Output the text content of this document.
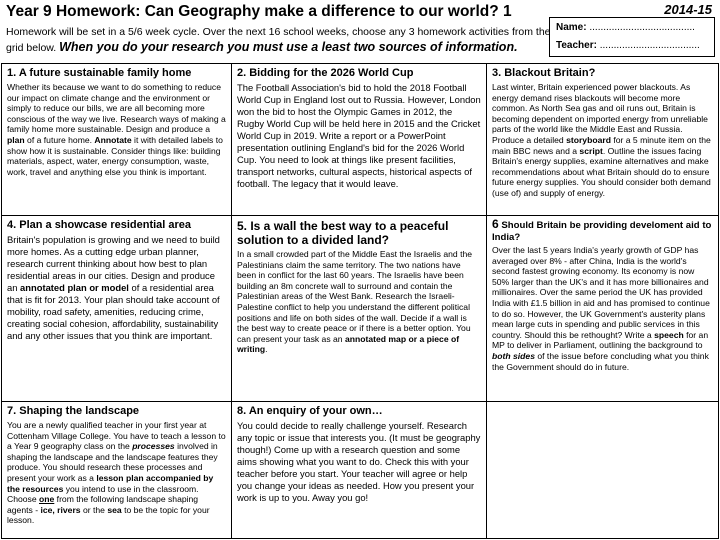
Year 9 Homework: Can Geography make a difference to our world? 1	2014-15
Homework will be set in a 5/6 week cycle. Over the next 16 school weeks, choose any 3 homework activities from the
grid below. When you do your research you must use a least two sources of information.
Name: ......................................
Teacher: ....................................

1. A future sustainable family home

Whether its because we want to do something to reduce our impact on climate change and the environment or simply to reduce our bills, we are all becoming more conscious of the way we live. Research ways of making a family home more sustainable. Design and produce a plan of a future home. Annotate it with detailed labels to show how it is sustainable. Consider things like: building materials, aspect, water, energy consumption, waste, work, travel and anything else you think is important.

2. Bidding for the 2026 World Cup

The Football Association's bid to hold the 2018 Football World Cup in England lost out to Russia. However, London won the bid to host the Olympic Games in 2012, the Rugby World Cup will be held here in 2015 and the Cricket World Cup in 2019. Write a report or a PowerPoint presentation outlining England's bid for the 2026 World Cup. You need to look at things like present facilities, transport networks, cultural aspects, historical aspects of football. The legacy that it would leave.

3. Blackout Britain?

Last winter, Britain experienced power blackouts. As energy demand rises blackouts will become more common. As North Sea gas and oil runs out, Britain is becoming dependent on imported energy from unreliable parts of the world like the Middle East and Russia. Produce a detailed storyboard for a 5 minute item on the main BBC news and a script. Outline the issues facing Britain's energy supplies, examine alternatives and make recommendations about what Britain should do to ensure future energy supplies. You should consider both demand (use of) and supply of energy.

4. Plan a showcase residential area

Britain's population is growing and we need to build more homes. As a cutting edge urban planner, research current thinking about how best to plan residential areas in our cities. Design and produce an annotated plan or model of a residential area that is fit for 2013. Your plan should take account of mobility, road safety, amenities, reducing crime, creating social cohesion, affordability, sustainability and any other issues that you think are important.

5. Is a wall the best way to a peaceful solution to a divided land?

In a small crowded part of the Middle East the Israelis and the Palestinians claim the same territory. The two nations have been in conflict for the last 60 years. The Israelis have been building an 8m concrete wall to surround and contain the Palestinian areas of the West Bank. Research the Israeli-Palestine conflict to help you understand the different political positions and life on both sides of the wall. Decide if a wall is the best way to create peace or if there is a better option. You can present your task as an annotated map or a piece of writing.

6 Should Britain be providing develoment aid to India?

Over the last 5 years India's yearly growth of GDP has averaged over 8% - after China, India is the world's second fastest growing economy. Its economy is now 50% larger than the UK's and it has more billionaires and millionaires. Over the same period the UK has provided India with £1.5 billion in aid and has promised to continue to do so. However, the UK Government's austerity plans mean large cuts in spending and public services in this country. Should this be rethought? Write a speech for an MP to deliver in Parliament, outlining the background to both sides of the issue before concluding what you think the Government should do in future.

7. Shaping the landscape

You are a newly qualified teacher in your first year at Cottenham Village College. You have to teach a lesson to a Year 9 geography class on the processes involved in shaping the landscape and the landscape features they produce. You should research these processes and present your work as a lesson plan accompanied by the resources you intend to use in the classroom. Choose one from the following landscape shaping agents - ice, rivers or the sea to be the topic for your lesson.

8. An enquiry of your own…

You could decide to really challenge yourself. Research any topic or issue that interests you. (It must be geography though!) Come up with a research question and some aims showing what you want to do. Check this with your teacher before you start. Your teacher will agree or help you change your ideas as needed. How you present your work is up to you. Away you go!
